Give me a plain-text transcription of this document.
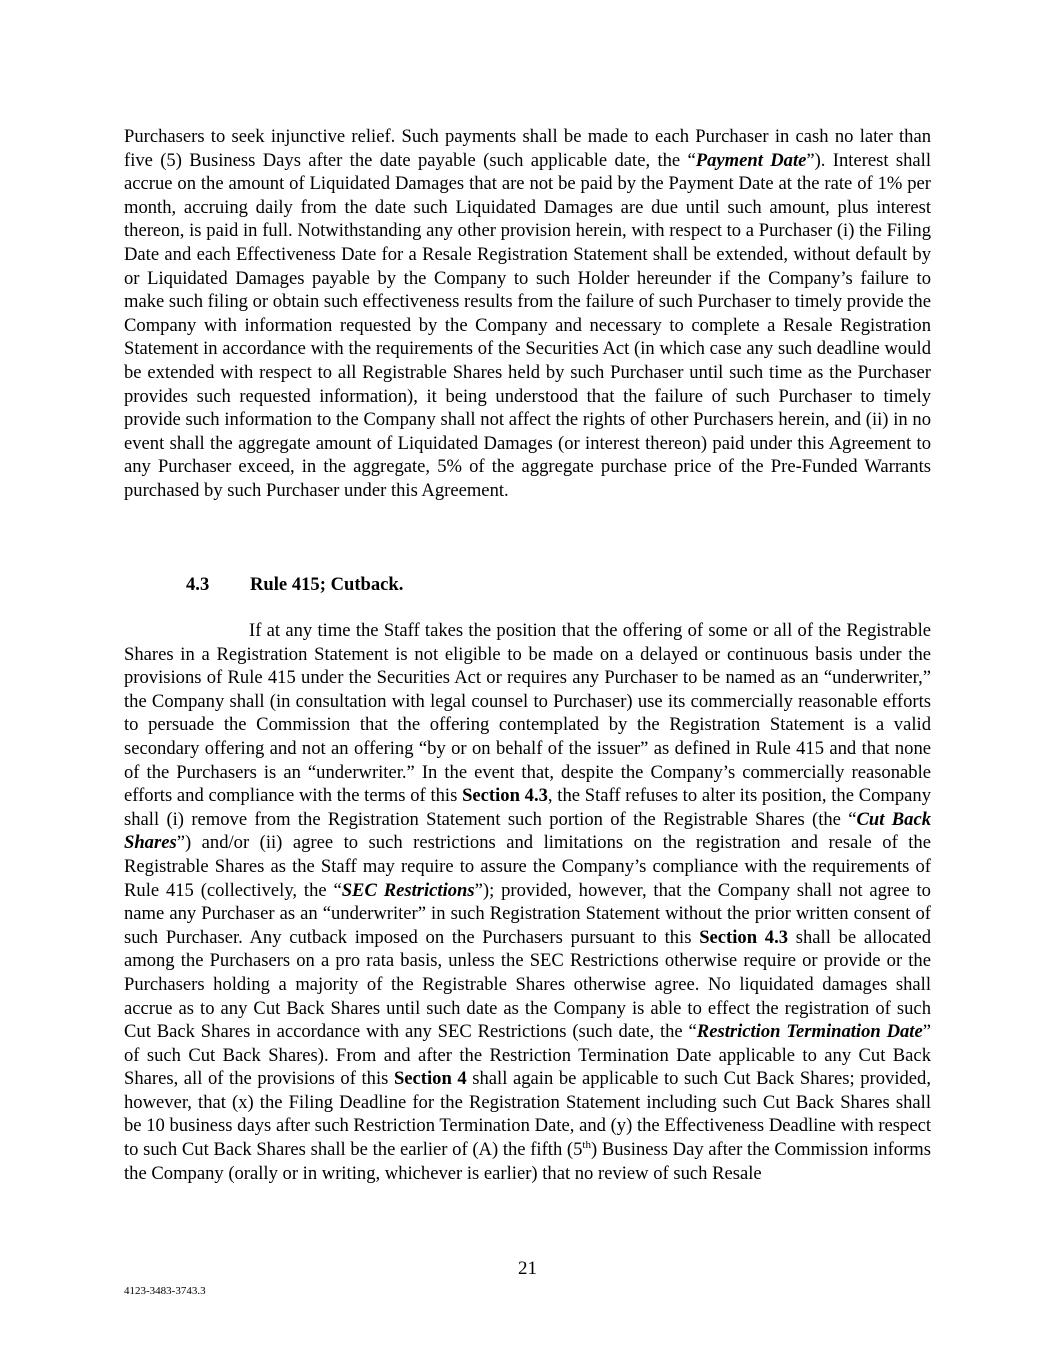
Purchasers to seek injunctive relief. Such payments shall be made to each Purchaser in cash no later than five (5) Business Days after the date payable (such applicable date, the “Payment Date”). Interest shall accrue on the amount of Liquidated Damages that are not be paid by the Payment Date at the rate of 1% per month, accruing daily from the date such Liquidated Damages are due until such amount, plus interest thereon, is paid in full. Notwithstanding any other provision herein, with respect to a Purchaser (i) the Filing Date and each Effectiveness Date for a Resale Registration Statement shall be extended, without default by or Liquidated Damages payable by the Company to such Holder hereunder if the Company’s failure to make such filing or obtain such effectiveness results from the failure of such Purchaser to timely provide the Company with information requested by the Company and necessary to complete a Resale Registration Statement in accordance with the requirements of the Securities Act (in which case any such deadline would be extended with respect to all Registrable Shares held by such Purchaser until such time as the Purchaser provides such requested information), it being understood that the failure of such Purchaser to timely provide such information to the Company shall not affect the rights of other Purchasers herein, and (ii) in no event shall the aggregate amount of Liquidated Damages (or interest thereon) paid under this Agreement to any Purchaser exceed, in the aggregate, 5% of the aggregate purchase price of the Pre-Funded Warrants purchased by such Purchaser under this Agreement.

4.3 Rule 415; Cutback.

If at any time the Staff takes the position that the offering of some or all of the Registrable Shares in a Registration Statement is not eligible to be made on a delayed or continuous basis under the provisions of Rule 415 under the Securities Act or requires any Purchaser to be named as an “underwriter,” the Company shall (in consultation with legal counsel to Purchaser) use its commercially reasonable efforts to persuade the Commission that the offering contemplated by the Registration Statement is a valid secondary offering and not an offering “by or on behalf of the issuer” as defined in Rule 415 and that none of the Purchasers is an “underwriter.” In the event that, despite the Company’s commercially reasonable efforts and compliance with the terms of this Section 4.3, the Staff refuses to alter its position, the Company shall (i) remove from the Registration Statement such portion of the Registrable Shares (the “Cut Back Shares”) and/or (ii) agree to such restrictions and limitations on the registration and resale of the Registrable Shares as the Staff may require to assure the Company’s compliance with the requirements of Rule 415 (collectively, the “SEC Restrictions”); provided, however, that the Company shall not agree to name any Purchaser as an “underwriter” in such Registration Statement without the prior written consent of such Purchaser. Any cutback imposed on the Purchasers pursuant to this Section 4.3 shall be allocated among the Purchasers on a pro rata basis, unless the SEC Restrictions otherwise require or provide or the Purchasers holding a majority of the Registrable Shares otherwise agree. No liquidated damages shall accrue as to any Cut Back Shares until such date as the Company is able to effect the registration of such Cut Back Shares in accordance with any SEC Restrictions (such date, the “Restriction Termination Date” of such Cut Back Shares). From and after the Restriction Termination Date applicable to any Cut Back Shares, all of the provisions of this Section 4 shall again be applicable to such Cut Back Shares; provided, however, that (x) the Filing Deadline for the Registration Statement including such Cut Back Shares shall be 10 business days after such Restriction Termination Date, and (y) the Effectiveness Deadline with respect to such Cut Back Shares shall be the earlier of (A) the fifth (5th) Business Day after the Commission informs the Company (orally or in writing, whichever is earlier) that no review of such Resale

21
4123-3483-3743.3
